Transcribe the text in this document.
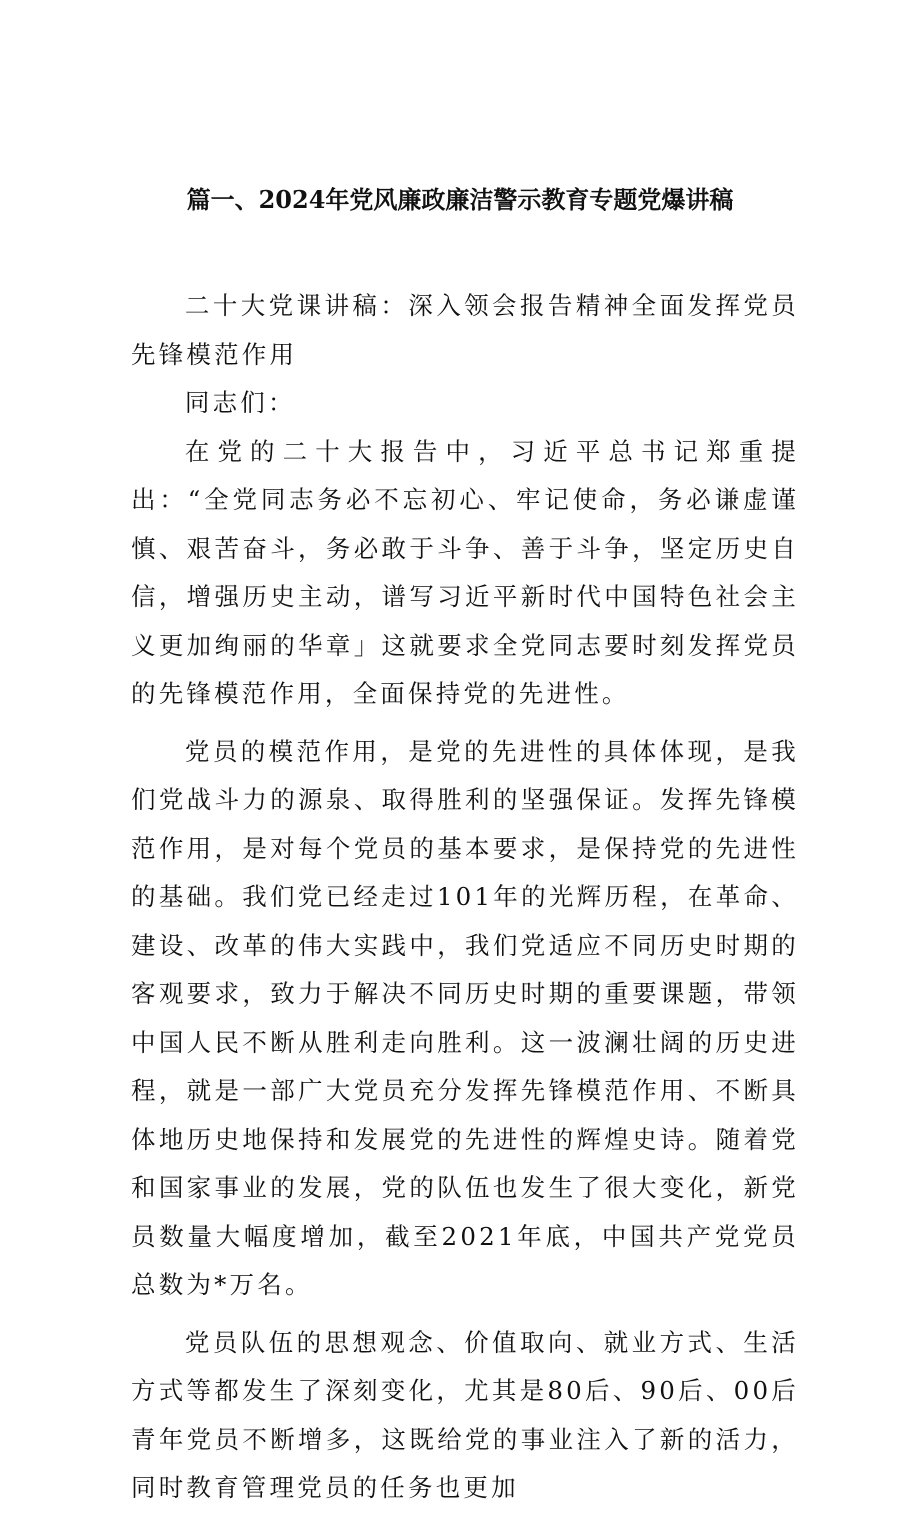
篇一、2024年党风廉政廉洁警示教育专题党爆讲稿

二十大党课讲稿：深入领会报告精神全面发挥党员先锋模范作用

同志们：

在党的二十大报告中，习近平总书记郑重提出：“全党同志务必不忘初心、牢记使命，务必谦虚谨慎、艰苦奋斗，务必敢于斗争、善于斗争，坚定历史自信，增强历史主动，谱写习近平新时代中国特色社会主义更加绚丽的华章」这就要求全党同志要时刻发挥党员的先锋模范作用，全面保持党的先进性。

党员的模范作用，是党的先进性的具体体现，是我们党战斗力的源泉、取得胜利的坚强保证。发挥先锋模范作用，是对每个党员的基本要求，是保持党的先进性的基础。我们党已经走过101年的光辉历程，在革命、建设、改革的伟大实践中，我们党适应不同历史时期的客观要求，致力于解决不同历史时期的重要课题，带领中国人民不断从胜利走向胜利。这一波澜壮阔的历史进程，就是一部广大党员充分发挥先锋模范作用、不断具体地历史地保持和发展党的先进性的辉煌史诗。随着党和国家事业的发展，党的队伍也发生了很大变化，新党员数量大幅度增加，截至2021年底，中国共产党党员总数为*万名。

党员队伍的思想观念、价值取向、就业方式、生活方式等都发生了深刻变化，尤其是80后、90后、00后青年党员不断增多，这既给党的事业注入了新的活力，同时教育管理党员的任务也更加
